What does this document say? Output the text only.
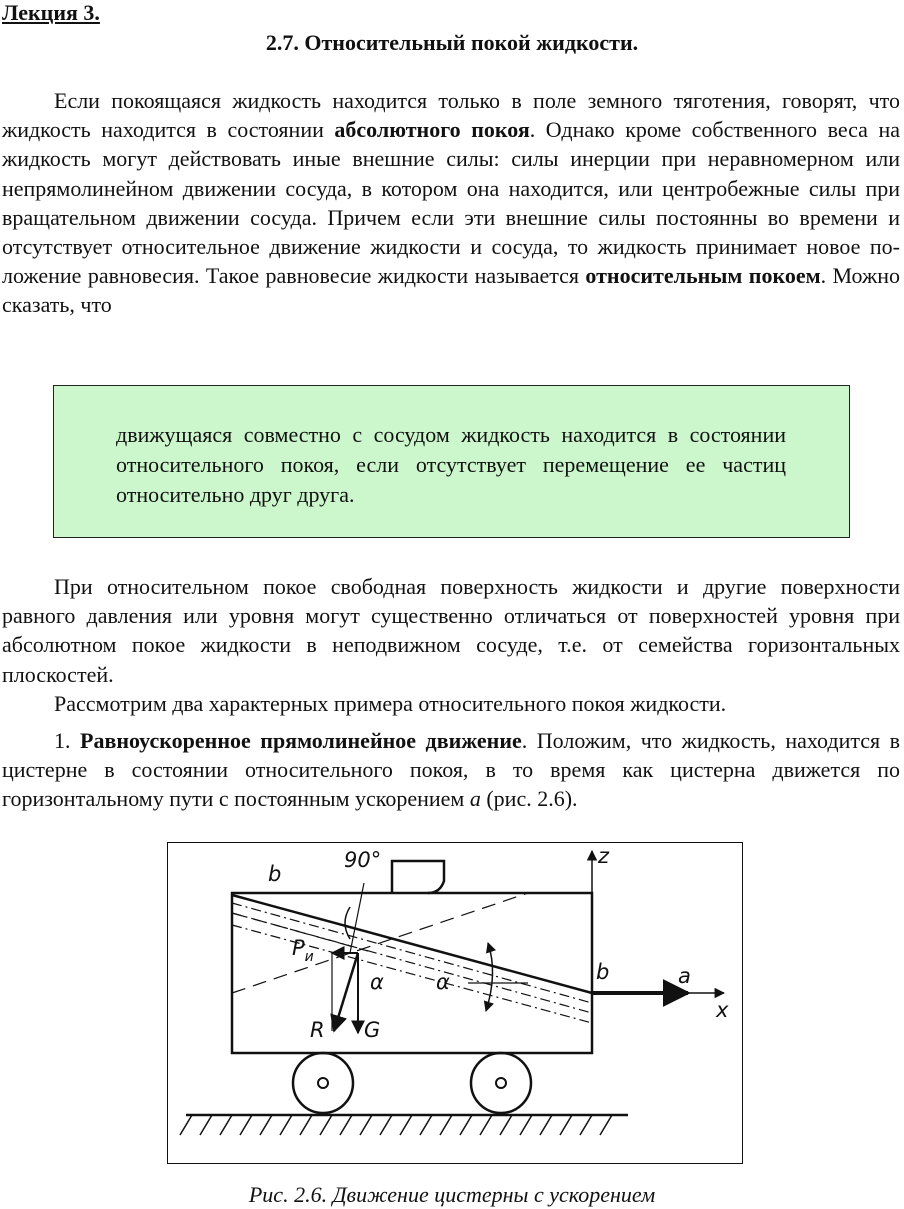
Лекция 3.
2.7. Относительный покой жидкости.

Если покоящаяся жидкость находится только в поле земного тяготения, говорят, что жидкость находится в состоянии абсолютного покоя. Однако кроме собственного веса на жидкость могут действовать иные внешние силы: силы инерции при неравномерном или непрямолинейном движении сосуда, в котором она находится, или центробежные силы при вращательном движении сосуда. Причем если эти внешние силы постоянны во времени и отсутствует относительное движение жидкости и сосуда, то жидкость принимает новое положение равновесия. Такое равновесие жидкости называется относительным покоем. Можно сказать, что

движущаяся совместно с сосудом жидкость находится в состоянии относительного покоя, если отсутствует перемещение ее частиц относительно друг друга.

При относительном покое свободная поверхность жидкости и другие поверхности равного давления или уровня могут существенно отличаться от поверхностей уровня при абсолютном покое жидкости в неподвижном сосуде, т.е. от семейства горизонтальных плоскостей.

Рассмотрим два характерных примера относительного покоя жидкости.

1. Равноускоренное прямолинейное движение. Положим, что жидкость, находится в цистерне в состоянии относительного покоя, в то время как цистерна движется по горизонтальному пути с постоянным ускорением a (рис. 2.6).

b
90°	z
b	a
x
$P_и$
α α
R G
Рис. 2.6. Движение цистерны с ускорением
